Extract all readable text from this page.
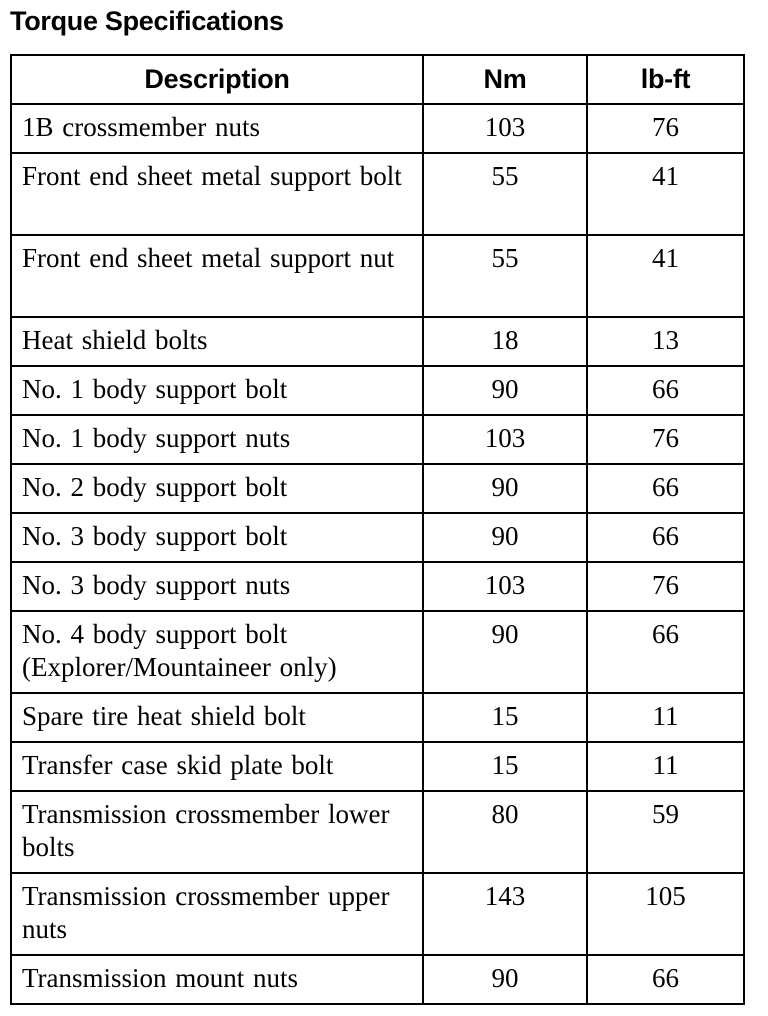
Torque Specifications
Description	Nm	lb-ft
1B crossmember nuts	103	76
Front end sheet metal support bolt	55	41
Front end sheet metal support nut	55	41
Heat shield bolts	18	13
No. 1 body support bolt	90	66
No. 1 body support nuts	103	76
No. 2 body support bolt	90	66
No. 3 body support bolt	90	66
No. 3 body support nuts	103	76
No. 4 body support bolt (Explorer/Mountaineer only)	90	66
Spare tire heat shield bolt	15	11
Transfer case skid plate bolt	15	11
Transmission crossmember lower bolts	80	59
Transmission crossmember upper nuts	143	105
Transmission mount nuts	90	66
